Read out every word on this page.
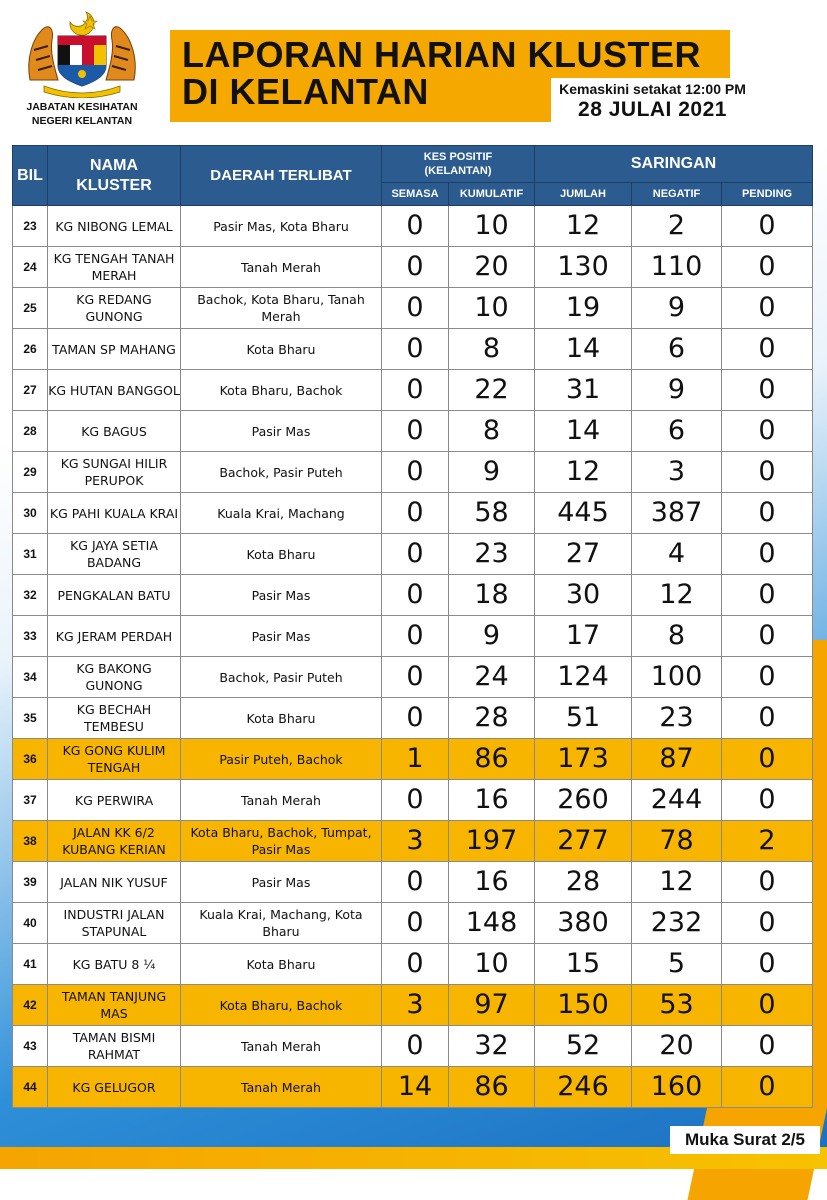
JABATAN KESIHATAN NEGERI KELANTAN
LAPORAN HARIAN KLUSTER
DI KELANTAN	Kemaskini setakat 12:00 PM
28 JULAI 2021
BIL	NAMA KLUSTER	DAERAH TERLIBAT	KES POSITIF (KELANTAN)		SARINGAN		
			SEMASA	KUMULATIF	JUMLAH	NEGATIF	PENDING
23	KG NIBONG LEMAL	Pasir Mas, Kota Bharu	0	10	12	2	0
24	KG TENGAH TANAH MERAH	Tanah Merah	0	20	130	110	0
25	KG REDANG GUNONG	Bachok, Kota Bharu, Tanah Merah	0	10	19	9	0
26	TAMAN SP MAHANG	Kota Bharu	0	8	14	6	0
27	KG HUTAN BANGGOL	Kota Bharu, Bachok	0	22	31	9	0
28	KG BAGUS	Pasir Mas	0	8	14	6	0
29	KG SUNGAI HILIR PERUPOK	Bachok, Pasir Puteh	0	9	12	3	0
30	KG PAHI KUALA KRAI	Kuala Krai, Machang	0	58	445	387	0
31	KG JAYA SETIA BADANG	Kota Bharu	0	23	27	4	0
32	PENGKALAN BATU	Pasir Mas	0	18	30	12	0
33	KG JERAM PERDAH	Pasir Mas	0	9	17	8	0
34	KG BAKONG GUNONG	Bachok, Pasir Puteh	0	24	124	100	0
35	KG BECHAH TEMBESU	Kota Bharu	0	28	51	23	0
36	KG GONG KULIM TENGAH	Pasir Puteh, Bachok	1	86	173	87	0
37	KG PERWIRA	Tanah Merah	0	16	260	244	0
38	JALAN KK 6/2 KUBANG KERIAN	Kota Bharu, Bachok, Tumpat, Pasir Mas	3	197	277	78	2
39	JALAN NIK YUSUF	Pasir Mas	0	16	28	12	0
40	INDUSTRI JALAN STAPUNAL	Kuala Krai, Machang, Kota Bharu	0	148	380	232	0
41	KG BATU 8 ¼	Kota Bharu	0	10	15	5	0
42	TAMAN TANJUNG MAS	Kota Bharu, Bachok	3	97	150	53	0
43	TAMAN BISMI RAHMAT	Tanah Merah	0	32	52	20	0
44	KG GELUGOR	Tanah Merah	14	86	246	160	0
Muka Surat 2/5
